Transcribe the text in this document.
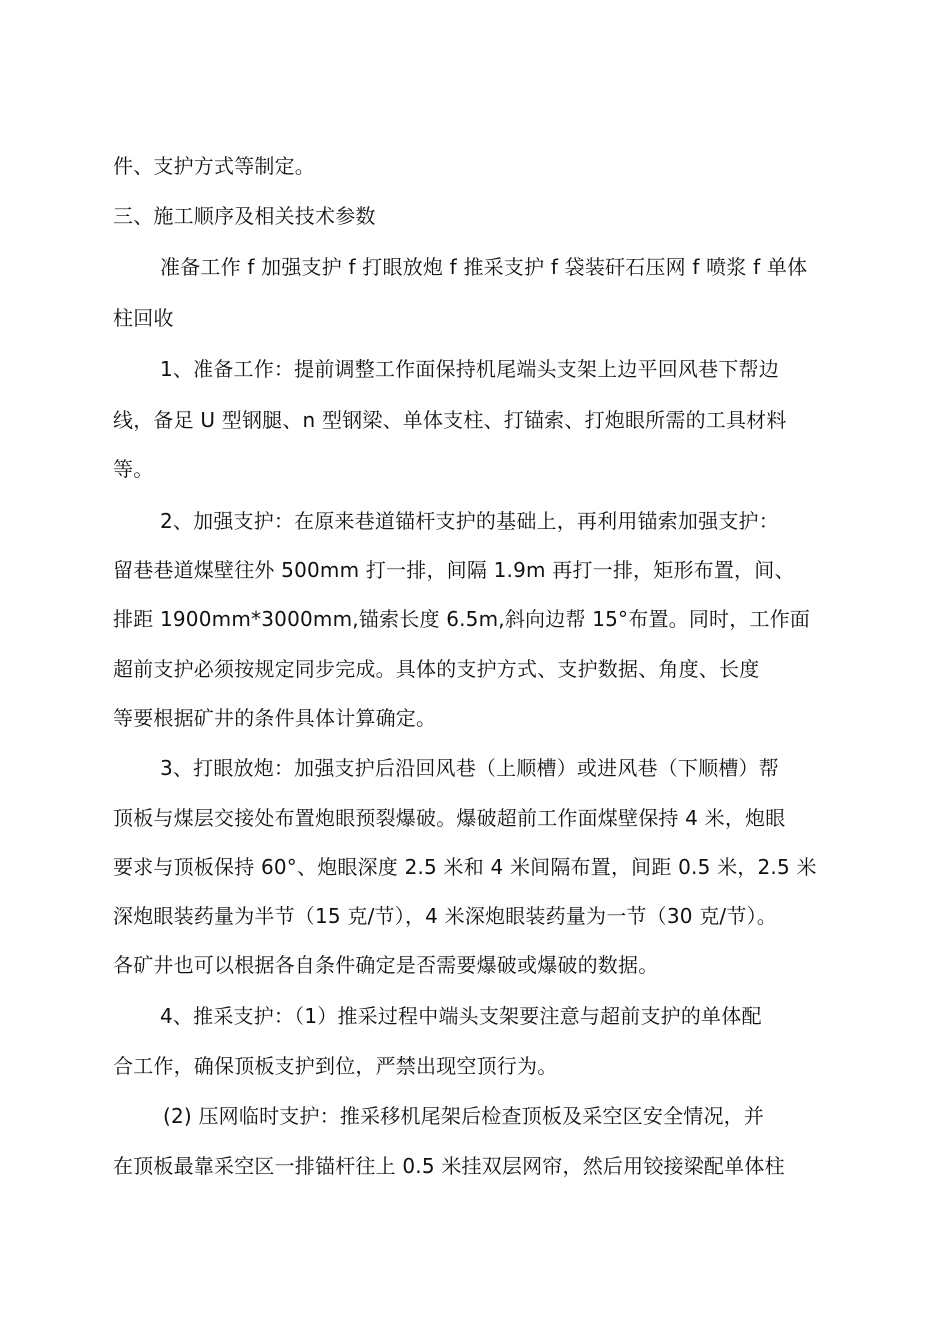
件、支护方式等制定。
三、施工顺序及相关技术参数
准备工作 f 加强支护 f 打眼放炮 f 推采支护 f 袋装矸石压网 f 喷浆 f 单体
柱回收
1、准备工作：提前调整工作面保持机尾端头支架上边平回风巷下帮边
线，备足 U 型钢腿、n 型钢梁、单体支柱、打锚索、打炮眼所需的工具材料
等。
2、加强支护：在原来巷道锚杆支护的基础上，再利用锚索加强支护：
留巷巷道煤壁往外 500mm 打一排，间隔 1.9m 再打一排，矩形布置，间、
排距 1900mm*3000mm,锚索长度 6.5m,斜向边帮 15°布置。同时，工作面
超前支护必须按规定同步完成。具体的支护方式、支护数据、角度、长度
等要根据矿井的条件具体计算确定。
3、打眼放炮：加强支护后沿回风巷（上顺槽）或进风巷（下顺槽）帮
顶板与煤层交接处布置炮眼预裂爆破。爆破超前工作面煤壁保持 4 米，炮眼
要求与顶板保持 60°、炮眼深度 2.5 米和 4 米间隔布置，间距 0.5 米，2.5 米
深炮眼装药量为半节（15 克/节），4 米深炮眼装药量为一节（30 克/节）。
各矿井也可以根据各自条件确定是否需要爆破或爆破的数据。
4、推采支护：（1）推采过程中端头支架要注意与超前支护的单体配
合工作，确保顶板支护到位，严禁出现空顶行为。
(2) 压网临时支护：推采移机尾架后检查顶板及采空区安全情况，并
在顶板最靠采空区一排锚杆往上 0.5 米挂双层网帘，然后用铰接梁配单体柱
